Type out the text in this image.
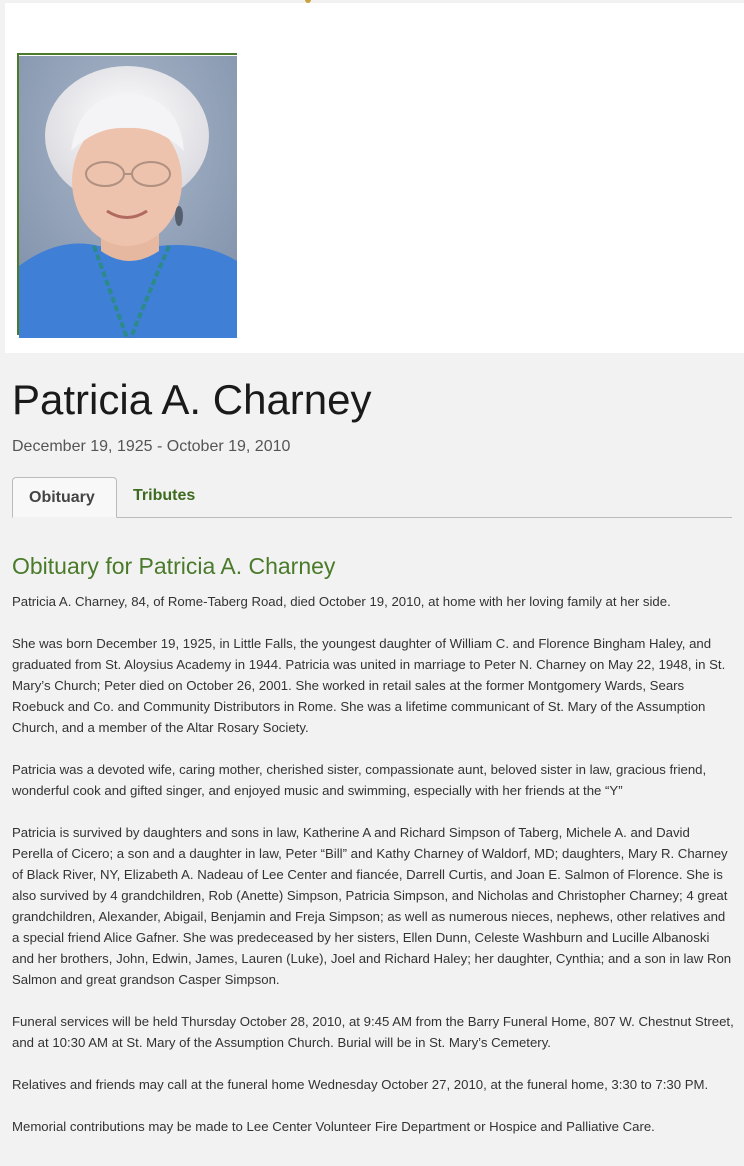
Patricia A. Charney

December 19, 1925 - October 19, 2010

Obituary	Tributes
Obituary for Patricia A. Charney

Patricia A. Charney, 84, of Rome-Taberg Road, died October 19, 2010, at home with her loving family at her side.

She was born December 19, 1925, in Little Falls, the youngest daughter of William C. and Florence Bingham Haley, and graduated from St. Aloysius Academy in 1944. Patricia was united in marriage to Peter N. Charney on May 22, 1948, in St. Mary’s Church; Peter died on October 26, 2001. She worked in retail sales at the former Montgomery Wards, Sears Roebuck and Co. and Community Distributors in Rome. She was a lifetime communicant of St. Mary of the Assumption Church, and a member of the Altar Rosary Society.

Patricia was a devoted wife, caring mother, cherished sister, compassionate aunt, beloved sister in law, gracious friend, wonderful cook and gifted singer, and enjoyed music and swimming, especially with her friends at the “Y”

Patricia is survived by daughters and sons in law, Katherine A and Richard Simpson of Taberg, Michele A. and David Perella of Cicero; a son and a daughter in law, Peter “Bill” and Kathy Charney of Waldorf, MD; daughters, Mary R. Charney of Black River, NY, Elizabeth A. Nadeau of Lee Center and fiancée, Darrell Curtis, and Joan E. Salmon of Florence. She is also survived by 4 grandchildren, Rob (Anette) Simpson, Patricia Simpson, and Nicholas and Christopher Charney; 4 great grandchildren, Alexander, Abigail, Benjamin and Freja Simpson; as well as numerous nieces, nephews, other relatives and a special friend Alice Gafner. She was predeceased by her sisters, Ellen Dunn, Celeste Washburn and Lucille Albanoski and her brothers, John, Edwin, James, Lauren (Luke), Joel and Richard Haley; her daughter, Cynthia; and a son in law Ron Salmon and great grandson Casper Simpson.

Funeral services will be held Thursday October 28, 2010, at 9:45 AM from the Barry Funeral Home, 807 W. Chestnut Street, and at 10:30 AM at St. Mary of the Assumption Church. Burial will be in St. Mary’s Cemetery.

Relatives and friends may call at the funeral home Wednesday October 27, 2010, at the funeral home, 3:30 to 7:30 PM.

Memorial contributions may be made to Lee Center Volunteer Fire Department or Hospice and Palliative Care.
